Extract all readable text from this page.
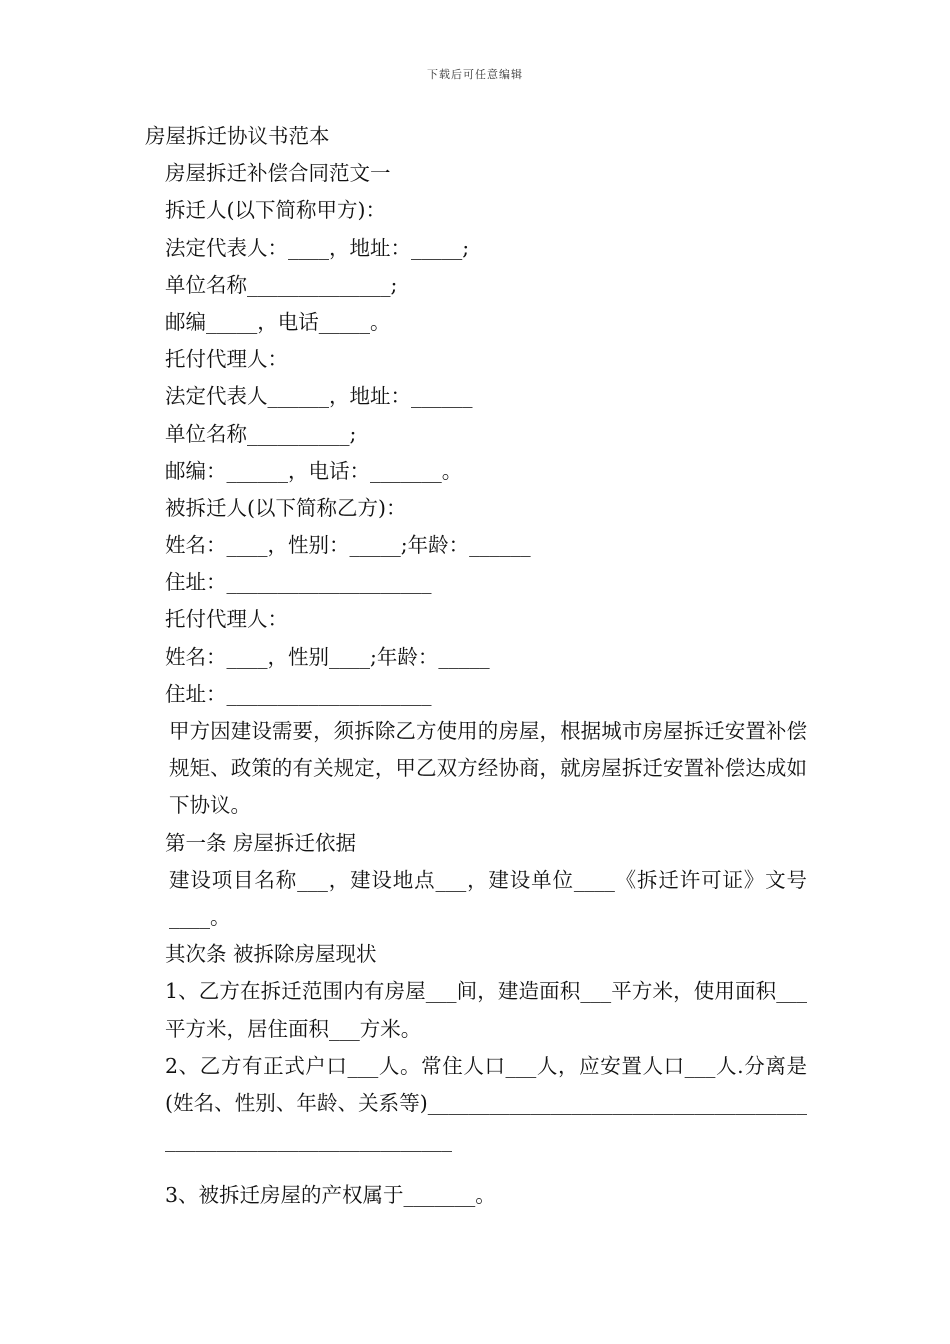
下载后可任意编辑
房屋拆迁协议书范本
房屋拆迁补偿合同范文一
拆迁人(以下简称甲方)：
法定代表人：____，地址：_____;
单位名称______________;
邮编_____，电话_____。
托付代理人：
法定代表人______，地址：______
单位名称__________;
邮编：______，电话：_______。
被拆迁人(以下简称乙方)：
姓名：____，性别：_____;年龄：______
住址：____________________
托付代理人：
姓名：____，性别____;年龄：_____
住址：____________________
甲方因建设需要，须拆除乙方使用的房屋，根据城市房屋拆迁安置补偿规矩、政策的有关规定，甲乙双方经协商，就房屋拆迁安置补偿达成如下协议。
第一条 房屋拆迁依据
建设项目名称___，建设地点___，建设单位____《拆迁许可证》文号____。
其次条 被拆除房屋现状
1、乙方在拆迁范围内有房屋___间，建造面积___平方米，使用面积___平方米，居住面积___方米。
2、乙方有正式户口___人。常住人口___人，应安置人口___人.分离是(姓名、性别、年龄、关系等)_________________________________________________________________
3、被拆迁房屋的产权属于_______。
